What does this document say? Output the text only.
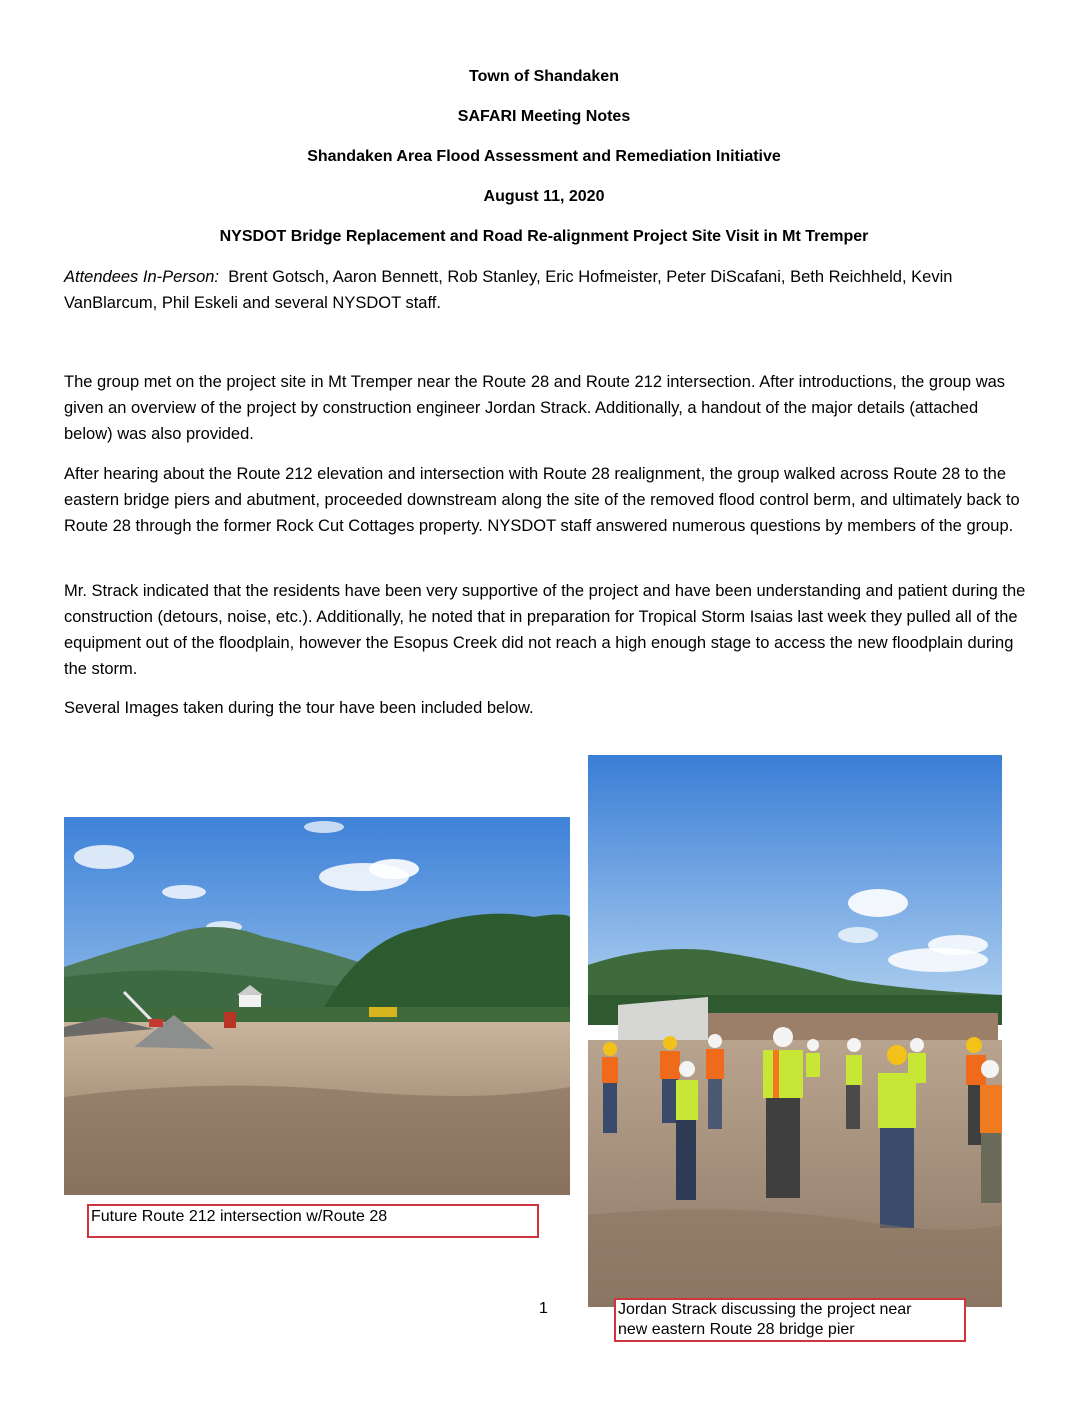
Town of Shandaken
SAFARI Meeting Notes
Shandaken Area Flood Assessment and Remediation Initiative
August 11, 2020
NYSDOT Bridge Replacement and Road Re-alignment Project Site Visit in Mt Tremper
Attendees In-Person: Brent Gotsch, Aaron Bennett, Rob Stanley, Eric Hofmeister, Peter DiScafani, Beth Reichheld, Kevin VanBlarcum, Phil Eskeli and several NYSDOT staff.
The group met on the project site in Mt Tremper near the Route 28 and Route 212 intersection. After introductions, the group was given an overview of the project by construction engineer Jordan Strack. Additionally, a handout of the major details (attached below) was also provided.
After hearing about the Route 212 elevation and intersection with Route 28 realignment, the group walked across Route 28 to the eastern bridge piers and abutment, proceeded downstream along the site of the removed flood control berm, and ultimately back to Route 28 through the former Rock Cut Cottages property. NYSDOT staff answered numerous questions by members of the group.
Mr. Strack indicated that the residents have been very supportive of the project and have been understanding and patient during the construction (detours, noise, etc.). Additionally, he noted that in preparation for Tropical Storm Isaias last week they pulled all of the equipment out of the floodplain, however the Esopus Creek did not reach a high enough stage to access the new floodplain during the storm.
Several Images taken during the tour have been included below.
Future Route 212 intersection w/Route 28
1	Jordan Strack discussing the project near
new eastern Route 28 bridge pier
